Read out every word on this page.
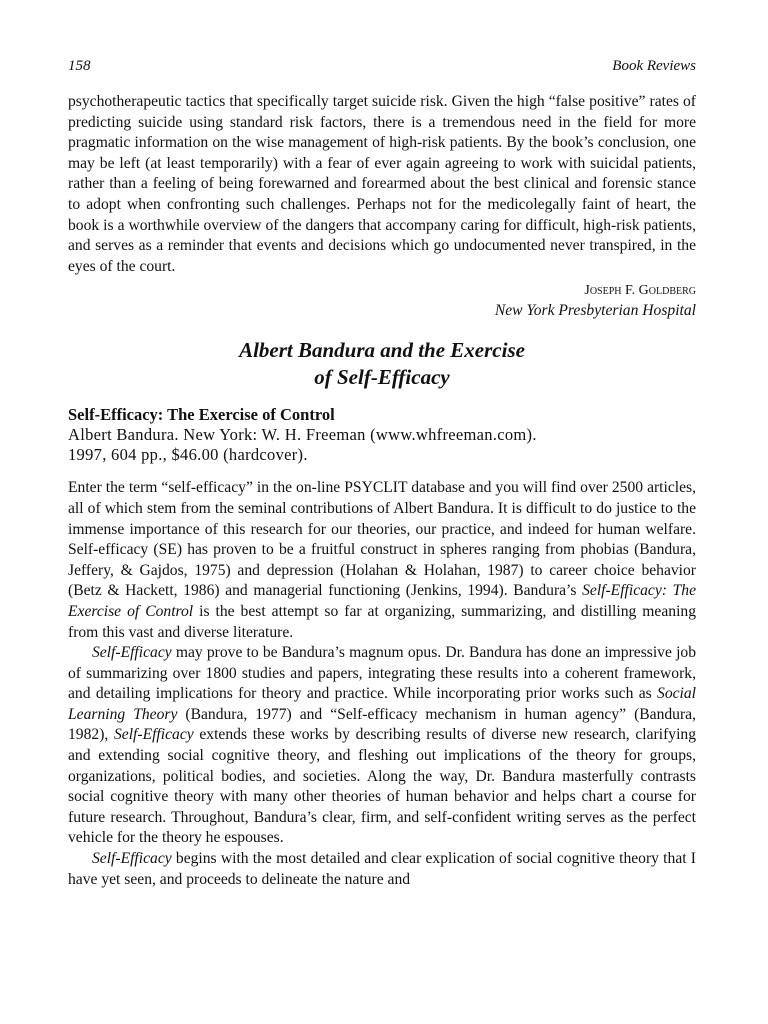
158	Book Reviews

psychotherapeutic tactics that specifically target suicide risk. Given the high “false positive” rates of predicting suicide using standard risk factors, there is a tremendous need in the field for more pragmatic information on the wise management of high-risk patients. By the book’s conclusion, one may be left (at least temporarily) with a fear of ever again agreeing to work with suicidal patients, rather than a feeling of being forewarned and forearmed about the best clinical and forensic stance to adopt when confronting such challenges. Perhaps not for the medicolegally faint of heart, the book is a worthwhile overview of the dangers that accompany caring for difficult, high-risk patients, and serves as a reminder that events and decisions which go undocumented never transpired, in the eyes of the court.

Joseph F. Goldberg
New York Presbyterian Hospital
Albert Bandura and the Exercise
of Self-Efficacy
Self-Efficacy: The Exercise of Control
Albert Bandura. New York: W. H. Freeman (www.whfreeman.com).
1997, 604 pp., $46.00 (hardcover).

Enter the term “self-efficacy” in the on-line PSYCLIT database and you will find over 2500 articles, all of which stem from the seminal contributions of Albert Bandura. It is difficult to do justice to the immense importance of this research for our theories, our practice, and indeed for human welfare. Self-efficacy (SE) has proven to be a fruitful construct in spheres ranging from phobias (Bandura, Jeffery, & Gajdos, 1975) and depression (Holahan & Holahan, 1987) to career choice behavior (Betz & Hackett, 1986) and managerial functioning (Jenkins, 1994). Bandura’s Self-Efficacy: The Exercise of Control is the best attempt so far at organizing, summarizing, and distilling meaning from this vast and diverse literature.

Self-Efficacy may prove to be Bandura’s magnum opus. Dr. Bandura has done an impressive job of summarizing over 1800 studies and papers, integrating these results into a coherent framework, and detailing implications for theory and practice. While incorporating prior works such as Social Learning Theory (Bandura, 1977) and “Self-efficacy mechanism in human agency” (Bandura, 1982), Self-Efficacy extends these works by describing results of diverse new research, clarifying and extending social cognitive theory, and fleshing out implications of the theory for groups, organizations, political bodies, and societies. Along the way, Dr. Bandura masterfully contrasts social cognitive theory with many other theories of human behavior and helps chart a course for future research. Throughout, Bandura’s clear, firm, and self-confident writing serves as the perfect vehicle for the theory he espouses.

Self-Efficacy begins with the most detailed and clear explication of social cognitive theory that I have yet seen, and proceeds to delineate the nature and
